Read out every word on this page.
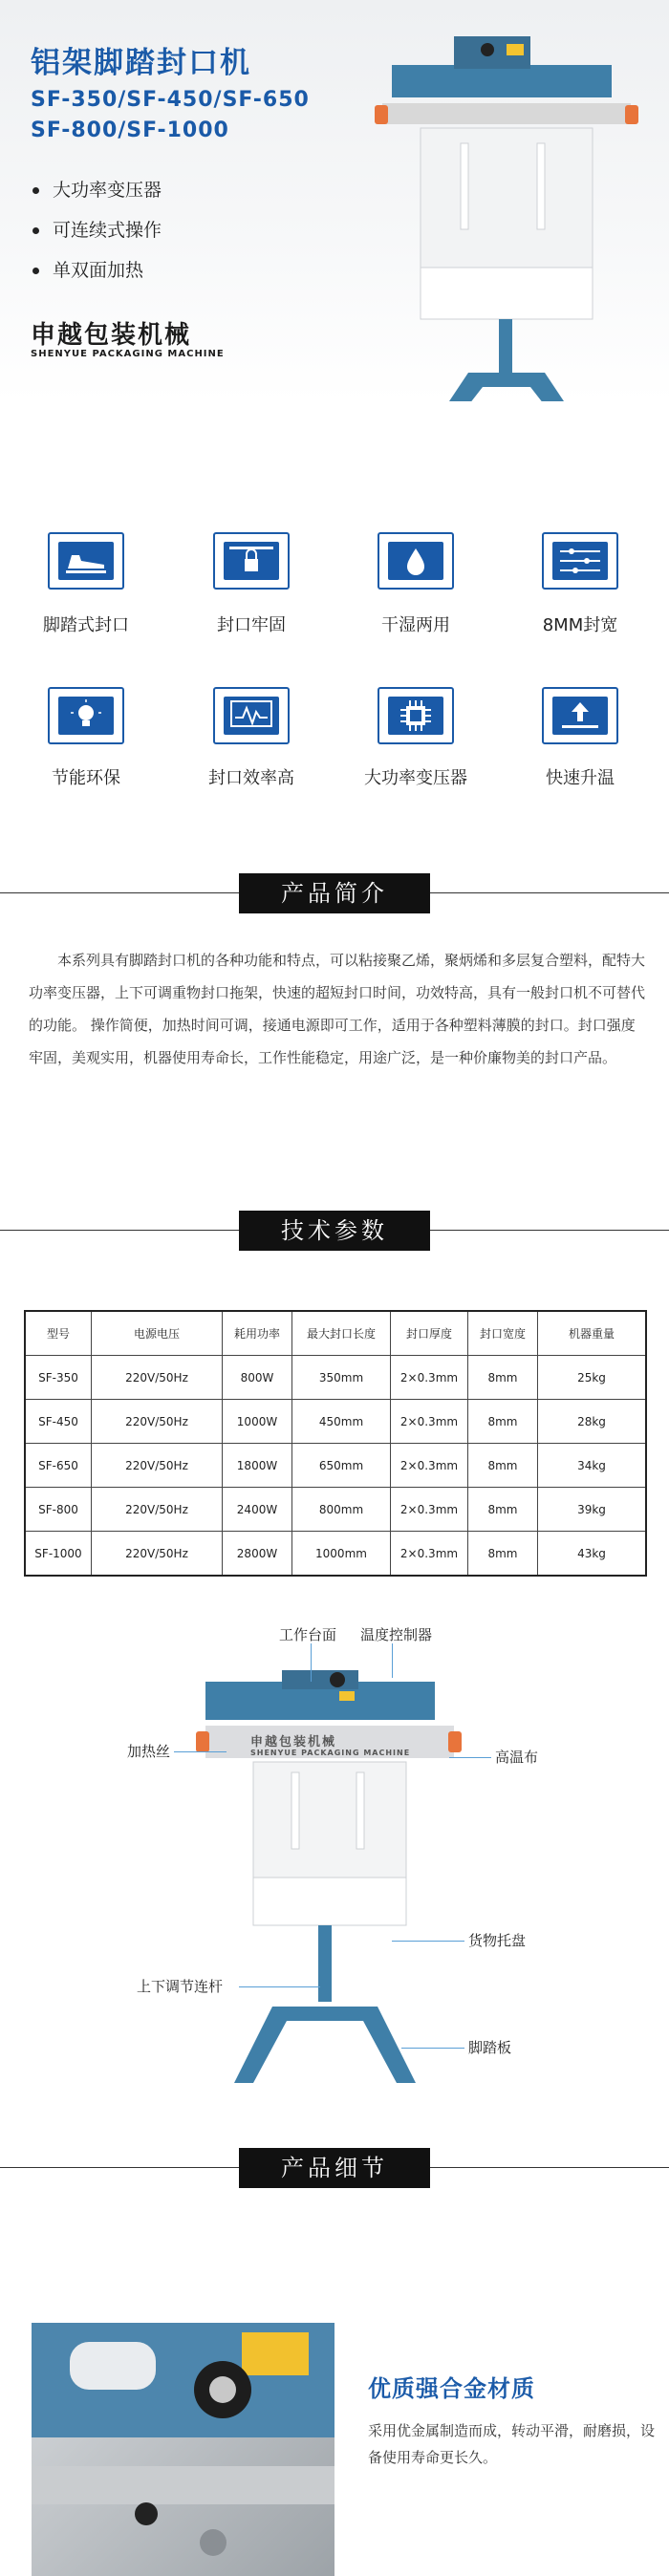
铝架脚踏封口机
SF-350/SF-450/SF-650
SF-800/SF-1000
大功率变压器
可连续式操作
单双面加热
申越包装机械
SHENYUE PACKAGING MACHINE
脚踏式封口	封口牢固	干湿两用	8MM封宽
节能环保	封口效率高	大功率变压器	快速升温
产品简介
本系列具有脚踏封口机的各种功能和特点，可以粘接聚乙烯，聚炳烯和多层复合塑料，配特大功率变压器，上下可调重物封口拖架，快速的超短封口时间，功效特高，具有一般封口机不可替代的功能。 操作简便，加热时间可调，接通电源即可工作，适用于各种塑料薄膜的封口。封口强度牢固，美观实用，机器使用寿命长，工作性能稳定，用途广泛，是一种价廉物美的封口产品。
技术参数
型号	电源电压	耗用功率	最大封口长度	封口厚度	封口宽度	机器重量
SF-350	220V/50Hz	800W	350mm	2×0.3mm	8mm	25kg
SF-450	220V/50Hz	1000W	450mm	2×0.3mm	8mm	28kg
SF-650	220V/50Hz	1800W	650mm	2×0.3mm	8mm	34kg
SF-800	220V/50Hz	2400W	800mm	2×0.3mm	8mm	39kg
SF-1000	220V/50Hz	2800W	1000mm	2×0.3mm	8mm	43kg
申越包装机械
SHENYUE PACKAGING MACHINE
工作台面 温度控制器
加热丝	高温布
货物托盘
上下调节连杆
脚踏板
产品细节
优质强合金材质
采用优金属制造而成，转动平滑，耐磨损，设备使用寿命更长久。
